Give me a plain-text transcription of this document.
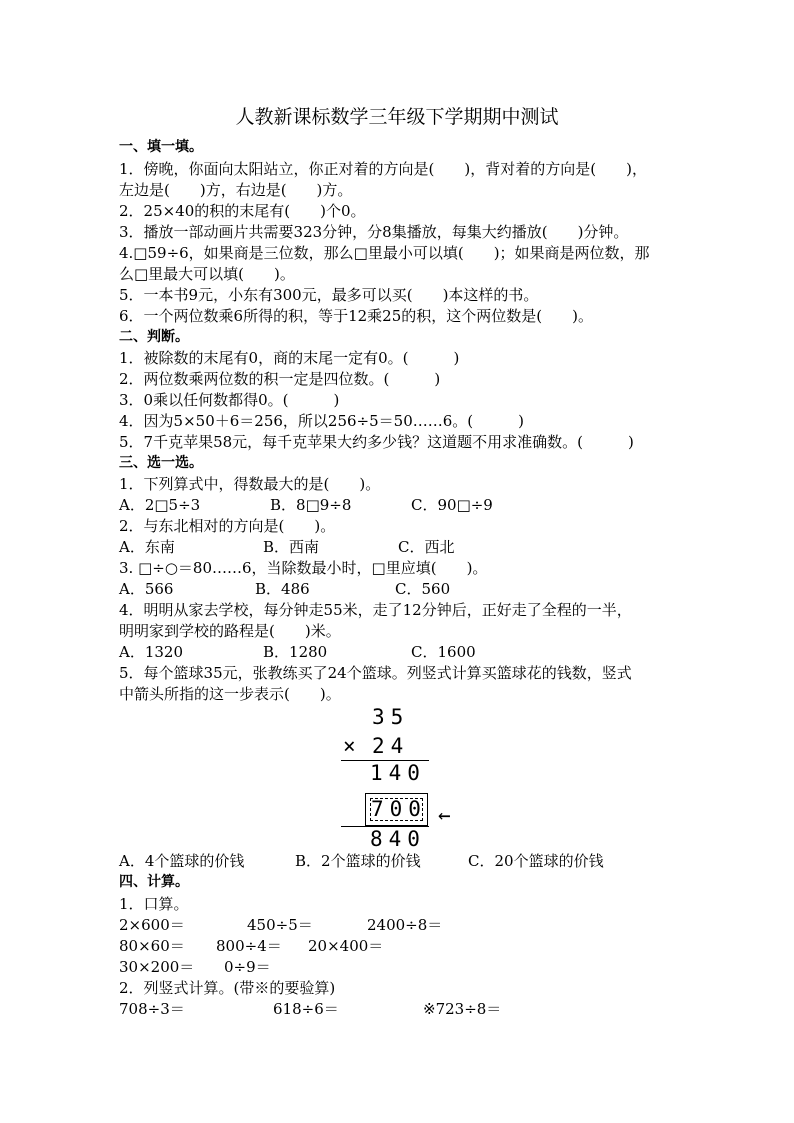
人教新课标数学三年级下学期期中测试
一、填一填。
1．傍晚，你面向太阳站立，你正对着的方向是(　　)，背对着的方向是(　　)，
左边是(　　)方，右边是(　　)方。
2．25×40的积的末尾有(　　)个0。
3．播放一部动画片共需要323分钟，分8集播放，每集大约播放(　　)分钟。
4.□59÷6，如果商是三位数，那么□里最小可以填(　　)；如果商是两位数，那
么□里最大可以填(　　)。
5．一本书9元，小东有300元，最多可以买(　　)本这样的书。
6．一个两位数乘6所得的积，等于12乘25的积，这个两位数是(　　)。
二、判断。
1．被除数的末尾有0，商的末尾一定有0。(　　　)
2．两位数乘两位数的积一定是四位数。(　　　)
3．0乘以任何数都得0。(　　　)
4．因为5×50＋6＝256，所以256÷5＝50……6。(　　　)
5．7千克苹果58元，每千克苹果大约多少钱？这道题不用求准确数。(　　　)
三、选一选。
1．下列算式中，得数最大的是(　　)。
A．2□5÷3	B．8□9÷8	C．90□÷9
2．与东北相对的方向是(　　)。
A．东南	B．西南	C．西北
3. □÷○＝80……6，当除数最小时，□里应填(　　)。
A．566	B．486	C．560
4．明明从家去学校，每分钟走55米，走了12分钟后，正好走了全程的一半，
明明家到学校的路程是(　　)米。
A．1320	B．1280	C．1600
5．每个篮球35元，张教练买了24个篮球。列竖式计算买篮球花的钱数，竖式
中箭头所指的这一步表示(　　)。
35
× 24
140
700 ←
840
A．4个篮球的价钱	B．2个篮球的价钱	C．20个篮球的价钱
四、计算。
1．口算。
2×600＝	450÷5＝	2400÷8＝
80×60＝ 800÷4＝ 20×400＝
30×200＝ 0÷9＝
2．列竖式计算。(带※的要验算)
708÷3＝	618÷6＝	※723÷8＝
